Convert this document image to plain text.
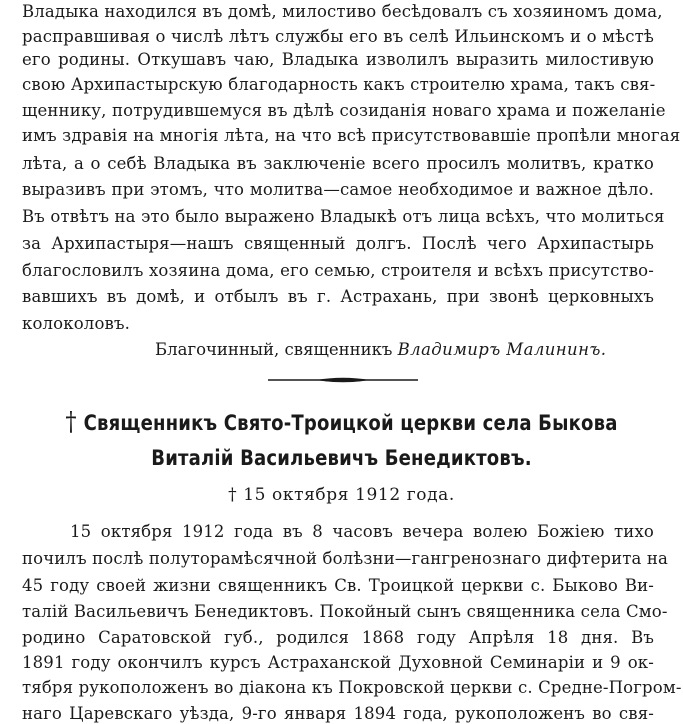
Владыка находился въ домѣ, милостиво бесѣдовалъ съ хозяиномъ дома,
расправшивая о числѣ лѣтъ службы его въ селѣ Ильинскомъ и о мѣстѣ
его родины. Откушавъ чаю, Владыка изволилъ выразить милостивую
свою Архипастырскую благодарность какъ строителю храма, такъ свя-
щеннику, потрудившемуся въ дѣлѣ созиданія новаго храма и пожеланіе
имъ здравія на многія лѣта, на что всѣ присутствовавшіе пропѣли многая
лѣта, а о себѣ Владыка въ заключеніе всего просилъ молитвъ, кратко
выразивъ при этомъ, что молитва—самое необходимое и важное дѣло.
Въ отвѣтъ на это было выражено Владыкѣ отъ лица всѣхъ, что молиться
за Архипастыря—нашъ священный долгъ. Послѣ чего Архипастырь
благословилъ хозяина дома, его семью, строителя и всѣхъ присутство-
вавшихъ въ домѣ, и отбылъ въ г. Астрахань, при звонѣ церковныхъ
колоколовъ.
Благочинный, священникъ Владимиръ Малининъ.
† Священникъ Свято-Троицкой церкви села Быкова
Виталій Васильевичъ Бенедиктовъ.
† 15 октября 1912 года.
15 октября 1912 года въ 8 часовъ вечера волею Божіею тихо
почилъ послѣ полуторамѣсячной болѣзни—гангренознаго дифтерита на
45 году своей жизни священникъ Св. Троицкой церкви с. Быково Ви-
талій Васильевичъ Бенедиктовъ. Покойный сынъ священника села Смо-
родино Саратовской губ., родился 1868 году Апрѣля 18 дня. Въ
1891 году окончилъ курсъ Астраханской Духовной Семинаріи и 9 ок-
тября рукоположенъ во діакона къ Покровской церкви с. Средне-Погром-
наго Царевскаго уѣзда, 9-го января 1894 года, рукоположенъ во свя-
